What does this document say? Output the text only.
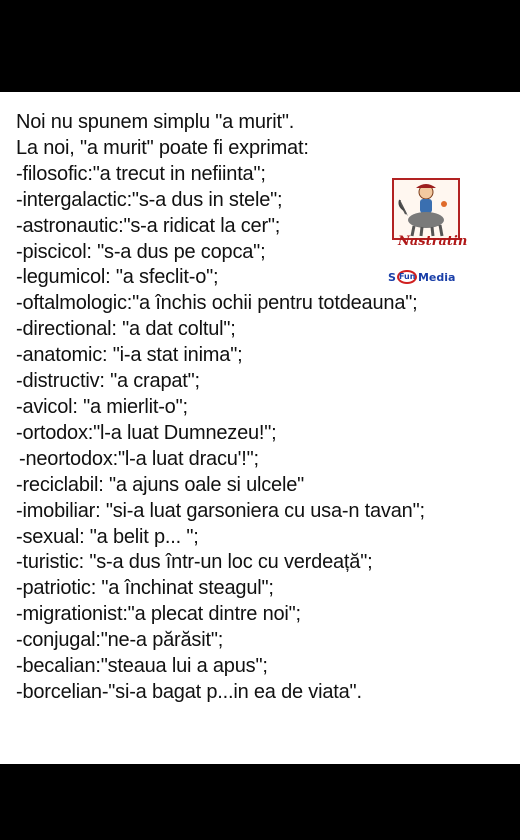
Noi nu spunem simplu "a murit".
La noi, "a murit" poate fi exprimat:
-filosofic:"a trecut in nefiinta";
-intergalactic:"s-a dus in stele";
-astronautic:"s-a ridicat la cer";
-piscicol: "s-a dus pe copca";
-legumicol: "a sfeclit-o";
-oftalmologic:"a închis ochii pentru totdeauna";
-directional: "a dat coltul";
-anatomic: "i-a stat inima";
-distructiv: "a crapat";
-avicol: "a mierlit-o";
-ortodox:"l-a luat Dumnezeu!";
-neortodox:"l-a luat dracu'!";
-reciclabil: "a ajuns oale si ulcele"
-imobiliar: "si-a luat garsoniera cu usa-n tavan";
-sexual: "a belit p... ";
-turistic: "s-a dus într-un loc cu verdeață";
-patriotic: "a închinat steagul";
-migrationist:"a plecat dintre noi";
-conjugal:"ne-a părăsit";
-becalian:"steaua lui a apus";
-borcelian-"si-a bagat p...in ea de viata".
Nastratin
S Fun Media
